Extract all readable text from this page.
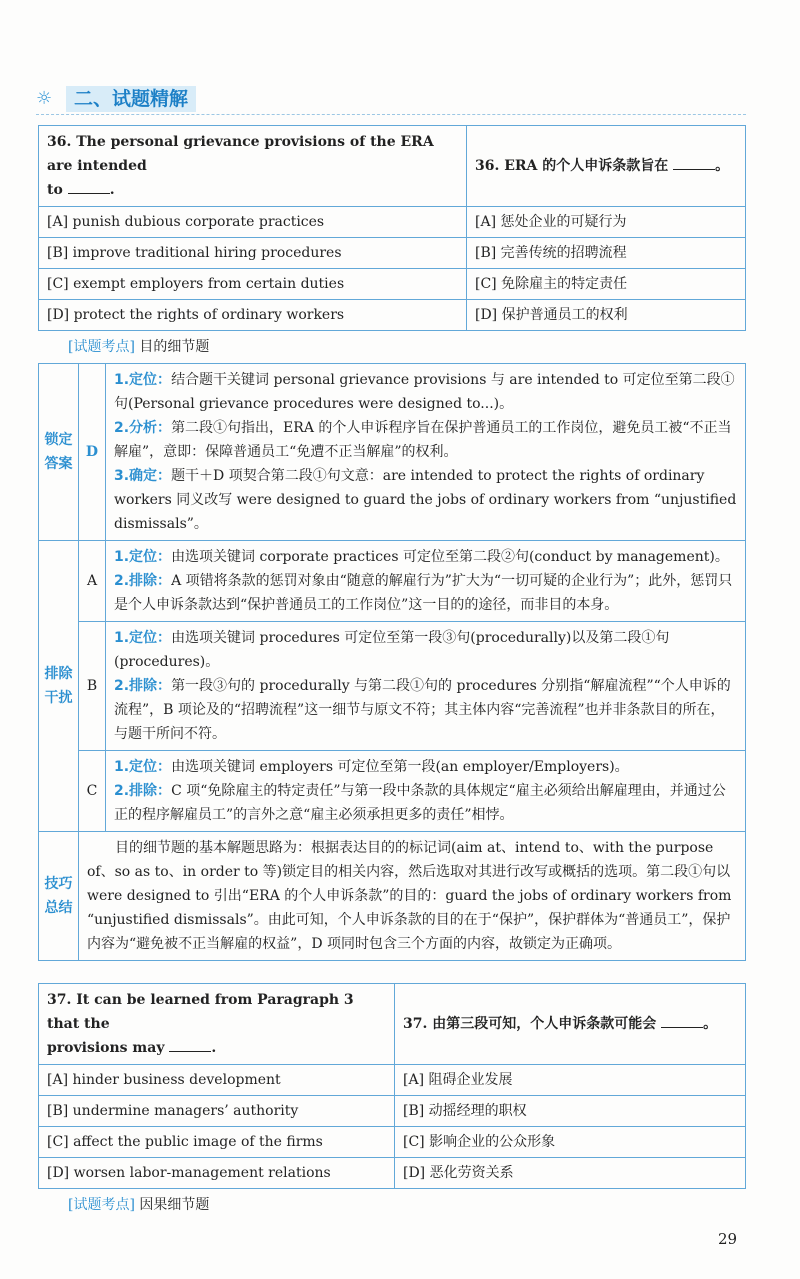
☼	二、试题精解
36. The personal grievance provisions of the ERA are intended
to .	36. ERA 的个人申诉条款旨在 。
[A] punish dubious corporate practices	[A] 惩处企业的可疑行为
[B] improve traditional hiring procedures	[B] 完善传统的招聘流程
[C] exempt employers from certain duties	[C] 免除雇主的特定责任
[D] protect the rights of ordinary workers	[D] 保护普通员工的权利
[试题考点] 目的细节题
锁定答案	D	1.定位：结合题干关键词 personal grievance provisions 与 are intended to 可定位至第二段①句(Personal grievance procedures were designed to...)。

2.分析：第二段①句指出，ERA 的个人申诉程序旨在保护普通员工的工作岗位，避免员工被“不正当解雇”，意即：保障普通员工“免遭不正当解雇”的权利。

3.确定：题干＋D 项契合第二段①句文意：are intended to protect the rights of ordinary workers 同义改写 were designed to guard the jobs of ordinary workers from “unjustified dismissals”。

排除干扰	A	1.定位：由选项关键词 corporate practices 可定位至第二段②句(conduct by management)。

2.排除：A 项错将条款的惩罚对象由“随意的解雇行为”扩大为“一切可疑的企业行为”；此外，惩罚只是个人申诉条款达到“保护普通员工的工作岗位”这一目的的途径，而非目的本身。

	B	1.定位：由选项关键词 procedures 可定位至第一段③句(procedurally)以及第二段①句(procedures)。

2.排除：第一段③句的 procedurally 与第二段①句的 procedures 分别指“解雇流程”“个人申诉的流程”，B 项论及的“招聘流程”这一细节与原文不符；其主体内容“完善流程”也并非条款目的所在，与题干所问不符。

	C	1.定位：由选项关键词 employers 可定位至第一段(an employer/Employers)。

2.排除：C 项“免除雇主的特定责任”与第一段中条款的具体规定“雇主必须给出解雇理由，并通过公正的程序解雇员工”的言外之意“雇主必须承担更多的责任”相悖。

技巧总结	目的细节题的基本解题思路为：根据表达目的的标记词(aim at、intend to、with the purpose of、so as to、in order to 等)锁定目的相关内容，然后选取对其进行改写或概括的选项。第二段①句以 were designed to 引出“ERA 的个人申诉条款”的目的：guard the jobs of ordinary workers from “unjustified dismissals”。由此可知，个人申诉条款的目的在于“保护”，保护群体为“普通员工”，保护内容为“避免被不正当解雇的权益”，D 项同时包含三个方面的内容，故锁定为正确项。	
37. It can be learned from Paragraph 3 that the
provisions may .	37. 由第三段可知，个人申诉条款可能会 。
[A] hinder business development	[A] 阻碍企业发展
[B] undermine managers’ authority	[B] 动摇经理的职权
[C] affect the public image of the firms	[C] 影响企业的公众形象
[D] worsen labor-management relations	[D] 恶化劳资关系
[试题考点] 因果细节题
29
